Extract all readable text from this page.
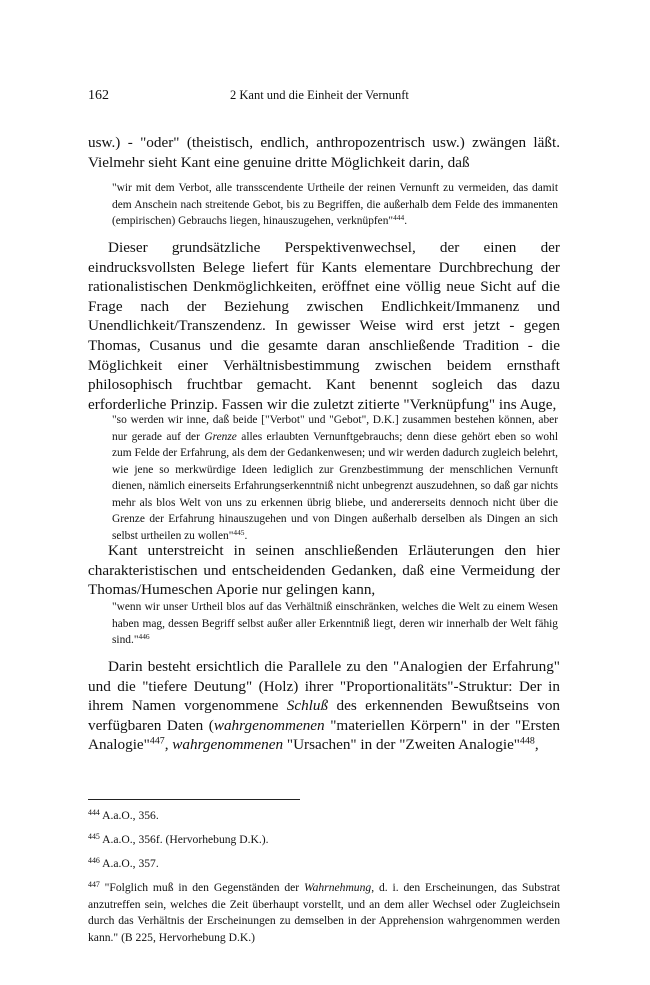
162	2 Kant und die Einheit der Vernunft

usw.) - "oder" (theistisch, endlich, anthropozentrisch usw.) zwängen läßt. Vielmehr sieht Kant eine genuine dritte Möglichkeit darin, daß

"wir mit dem Verbot, alle transscendente Urtheile der reinen Vernunft zu vermeiden, das damit dem Anschein nach streitende Gebot, bis zu Begriffen, die außerhalb dem Felde des immanenten (empirischen) Gebrauchs liegen, hinauszugehen, verknüpfen"$^{444}$.

Dieser grundsätzliche Perspektivenwechsel, der einen der eindrucksvollsten Belege liefert für Kants elementare Durchbrechung der rationalistischen Denkmöglichkeiten, eröffnet eine völlig neue Sicht auf die Frage nach der Beziehung zwischen Endlichkeit/Immanenz und Unendlichkeit/Transzendenz. In gewisser Weise wird erst jetzt - gegen Thomas, Cusanus und die gesamte daran anschließende Tradition - die Möglichkeit einer Verhältnisbestimmung zwischen beidem ernsthaft philosophisch fruchtbar gemacht. Kant benennt sogleich das dazu erforderliche Prinzip. Fassen wir die zuletzt zitierte "Verknüpfung" ins Auge,

"so werden wir inne, daß beide ["Verbot" und "Gebot", D.K.] zusammen bestehen können, aber nur gerade auf der Grenze alles erlaubten Vernunftgebrauchs; denn diese gehört eben so wohl zum Felde der Erfahrung, als dem der Gedankenwesen; und wir werden dadurch zugleich belehrt, wie jene so merkwürdige Ideen lediglich zur Grenzbestimmung der menschlichen Vernunft dienen, nämlich einerseits Erfahrungserkenntniß nicht unbegrenzt auszudehnen, so daß gar nichts mehr als blos Welt von uns zu erkennen übrig bliebe, und andererseits dennoch nicht über die Grenze der Erfahrung hinauszugehen und von Dingen außerhalb derselben als Dingen an sich selbst urtheilen zu wollen"$^{445}$.

Kant unterstreicht in seinen anschließenden Erläuterungen den hier charakteristischen und entscheidenden Gedanken, daß eine Vermeidung der Thomas/Humeschen Aporie nur gelingen kann,

"wenn wir unser Urtheil blos auf das Verhältniß einschränken, welches die Welt zu einem Wesen haben mag, dessen Begriff selbst außer aller Erkenntniß liegt, deren wir innerhalb der Welt fähig sind."$^{446}$

Darin besteht ersichtlich die Parallele zu den "Analogien der Erfahrung" und die "tiefere Deutung" (Holz) ihrer "Proportionalitäts"-Struktur: Der in ihrem Namen vorgenommene Schluß des erkennenden Bewußtseins von verfügbaren Daten (wahrgenommenen "materiellen Körpern" in der "Ersten Analogie"$^{447}$, wahrgenommenen "Ursachen" in der "Zweiten Analogie"$^{448}$,

$^{444}$ A.a.O., 356.

$^{445}$ A.a.O., 356f. (Hervorhebung D.K.).

$^{446}$ A.a.O., 357.

$^{447}$ "Folglich muß in den Gegenständen der Wahrnehmung, d. i. den Erscheinungen, das Substrat anzutreffen sein, welches die Zeit überhaupt vorstellt, und an dem aller Wechsel oder Zugleichsein durch das Verhältnis der Erscheinungen zu demselben in der Apprehension wahrgenommen werden kann." (B 225, Hervorhebung D.K.)
